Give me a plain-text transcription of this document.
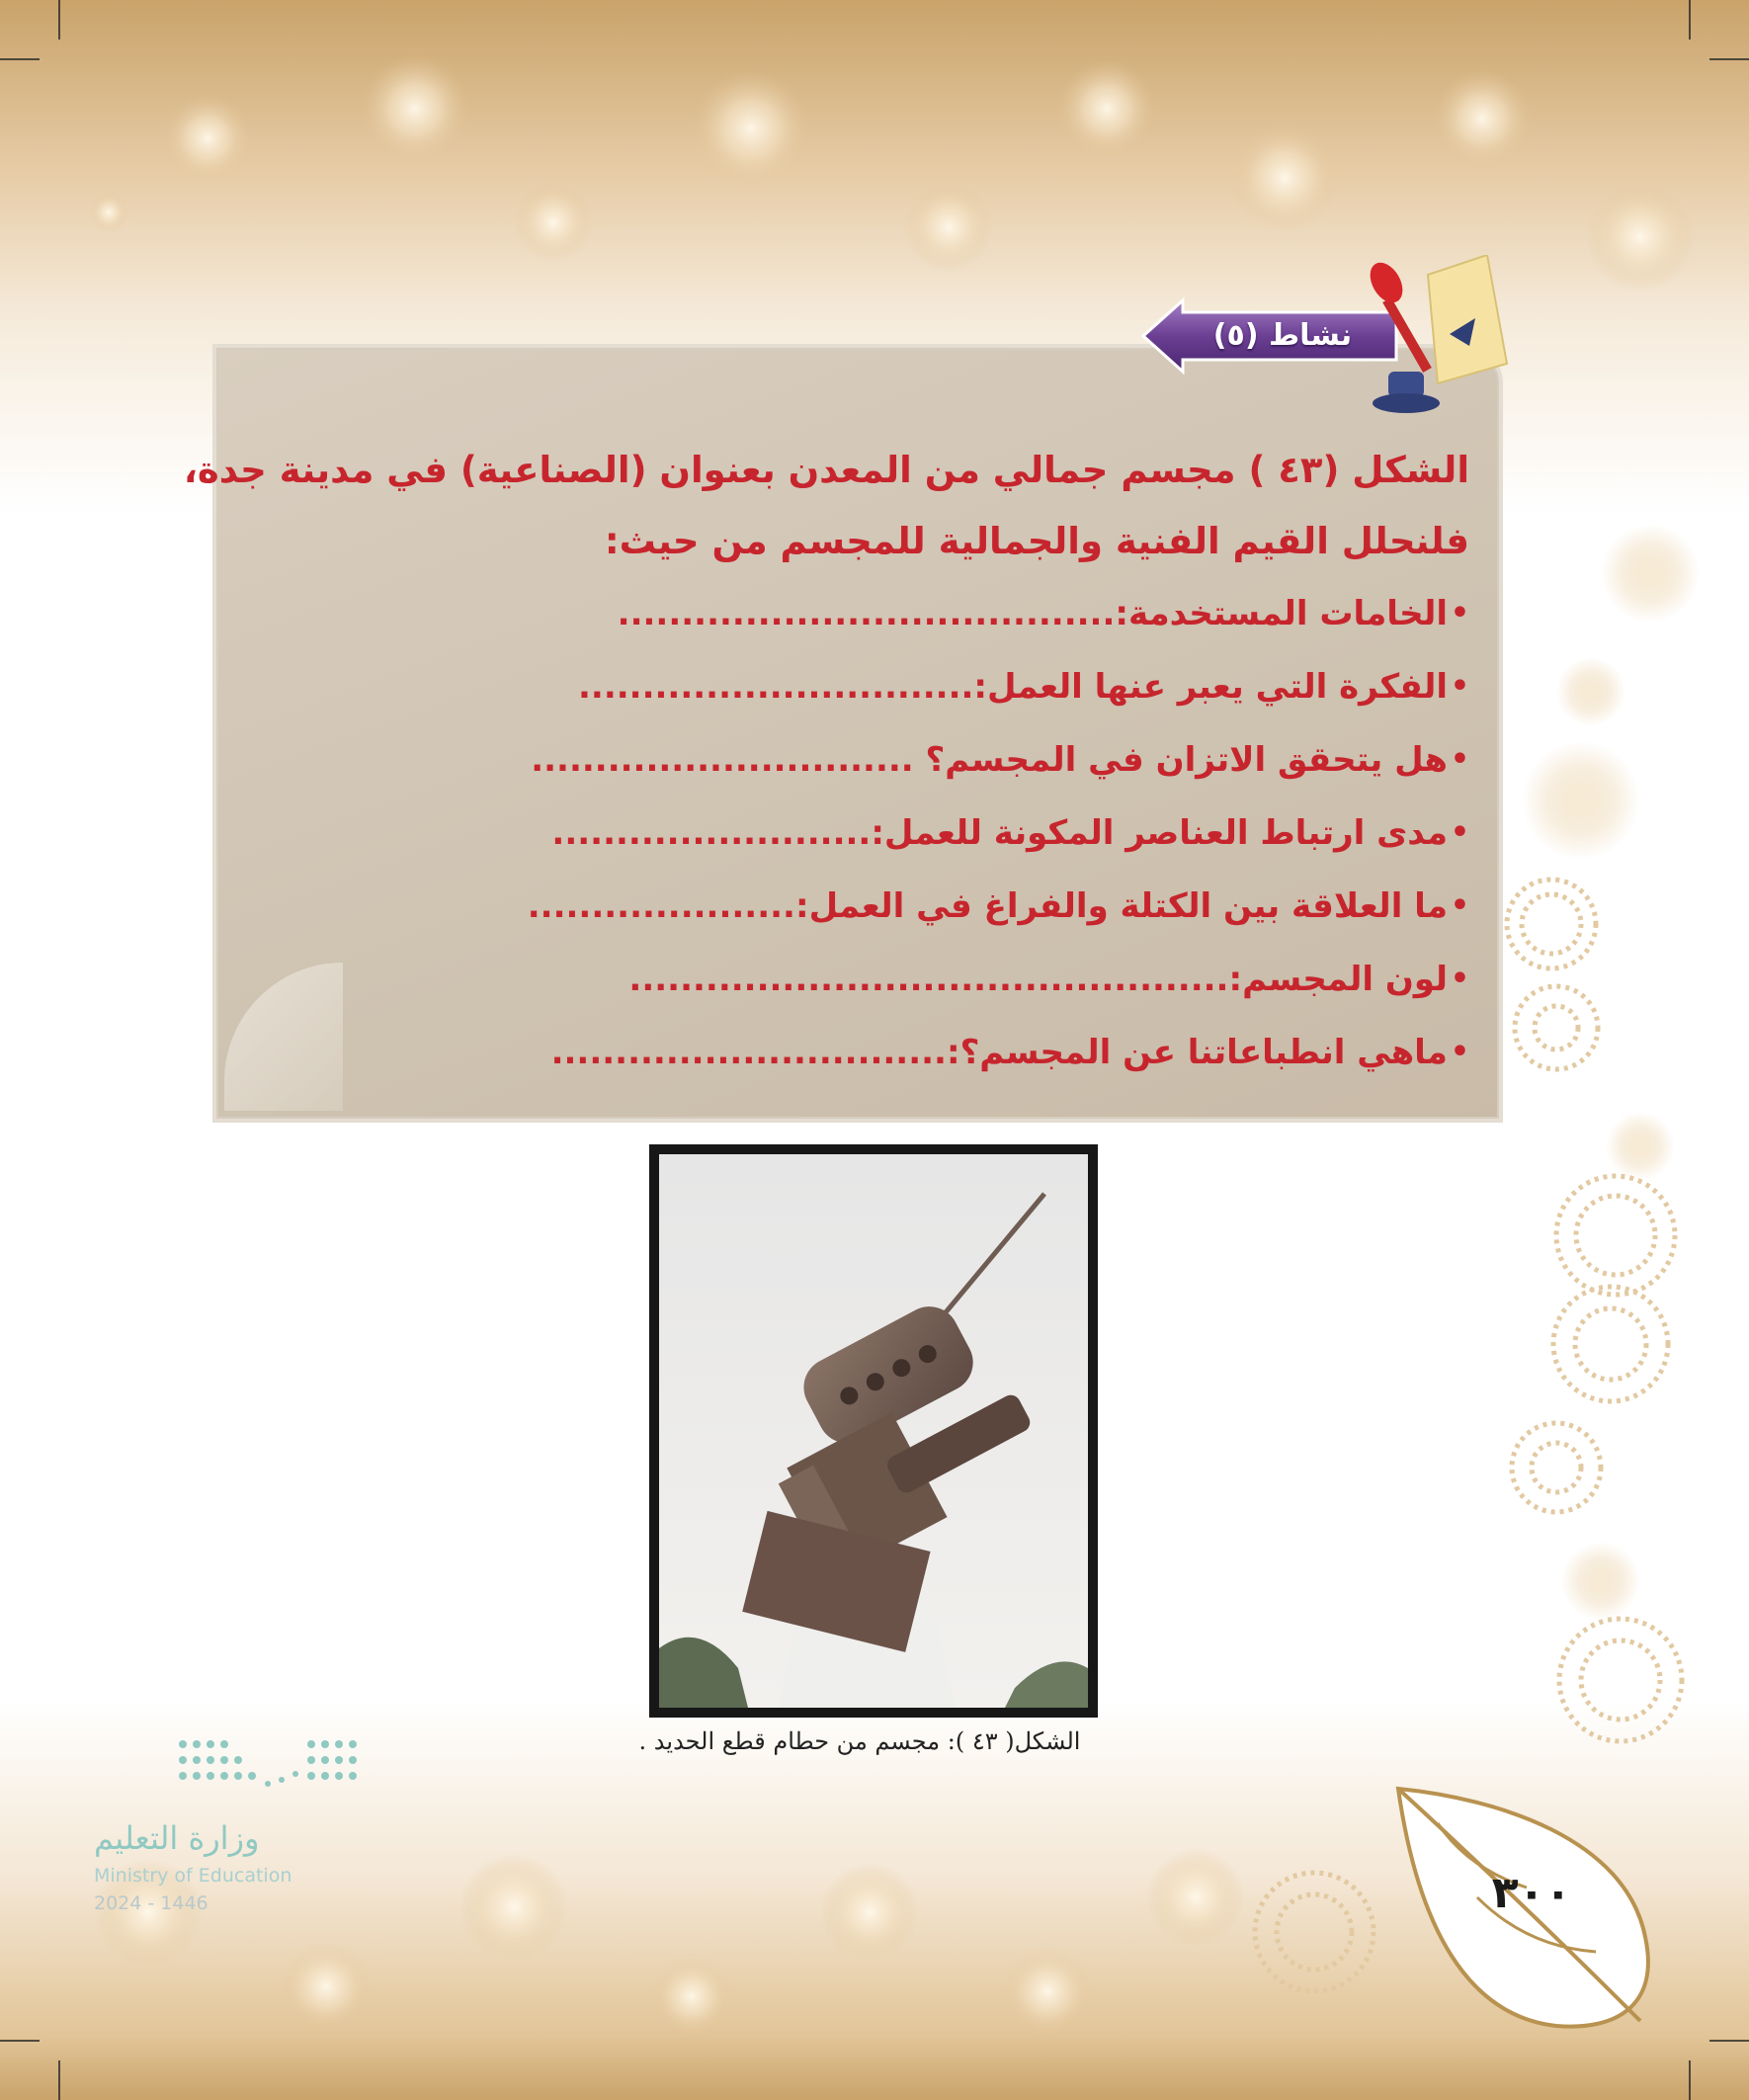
الشكل (٤٣ ) مجسم جمالي من المعدن بعنوان (الصناعية) في مدينة جدة،
فلنحلل القيم الفنية والجمالية للمجسم من حيث:
• الخامات المستخدمة:.......................................
• الفكرة التي يعبر عنها العمل:...............................
• هل يتحقق الاتزان في المجسم؟ ..............................
• مدى ارتباط العناصر المكونة للعمل:.........................
• ما العلاقة بين الكتلة والفراغ في العمل:.....................
• لون المجسم:...............................................
• ماهي انطباعاتنا عن المجسم؟:...............................
نشاط (٥)
الشكل( ٤٣ ): مجسم من حطام قطع الحديد .
٣٠٠
وزارة التعليم
Ministry of Education
2024 - 1446
